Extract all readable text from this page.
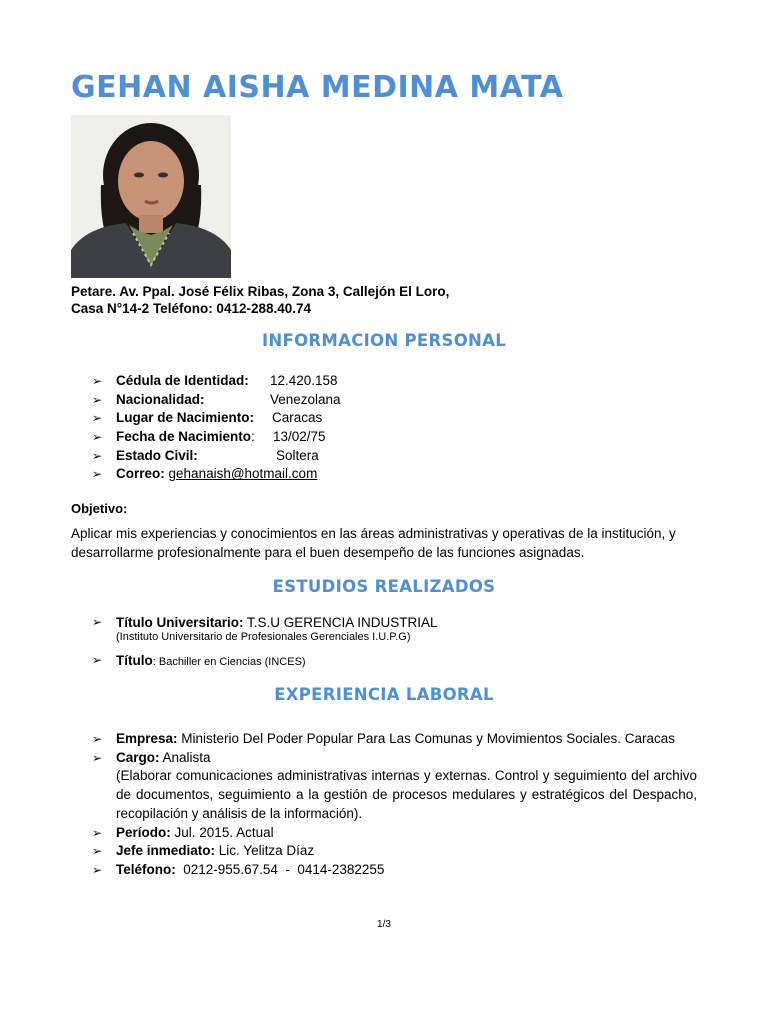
GEHAN AISHA MEDINA MATA
Petare. Av. Ppal. José Félix Ribas, Zona 3, Callejón El Loro,
Casa N°14-2 Teléfono: 0412-288.40.74
INFORMACION PERSONAL
➢ Cédula de Identidad: 12.420.158
➢ Nacionalidad:	Venezolana
➢ Lugar de Nacimiento: Caracas
➢ Fecha de Nacimiento: 13/02/75
➢ Estado Civil:	Soltera
➢ Correo: gehanaish@hotmail.com
Objetivo:

Aplicar mis experiencias y conocimientos en las áreas administrativas y operativas de la institución, y desarrollarme profesionalmente para el buen desempeño de las funciones asignadas.

ESTUDIOS REALIZADOS
➢ Título Universitario: T.S.U GERENCIA INDUSTRIAL
(Instituto Universitario de Profesionales Gerenciales I.U.P.G)
➢ Título: Bachiller en Ciencias (INCES)
EXPERIENCIA LABORAL
➢ Empresa: Ministerio Del Poder Popular Para Las Comunas y Movimientos Sociales. Caracas
➢ Cargo: Analista
(Elaborar comunicaciones administrativas internas y externas. Control y seguimiento del archivo de documentos, seguimiento a la gestión de procesos medulares y estratégicos del Despacho, recopilación y análisis de la información).
➢ Período: Jul. 2015. Actual
➢ Jefe inmediato: Lic. Yelitza Díaz
➢ Teléfono:  0212-955.67.54  -  0414-2382255
1/3
